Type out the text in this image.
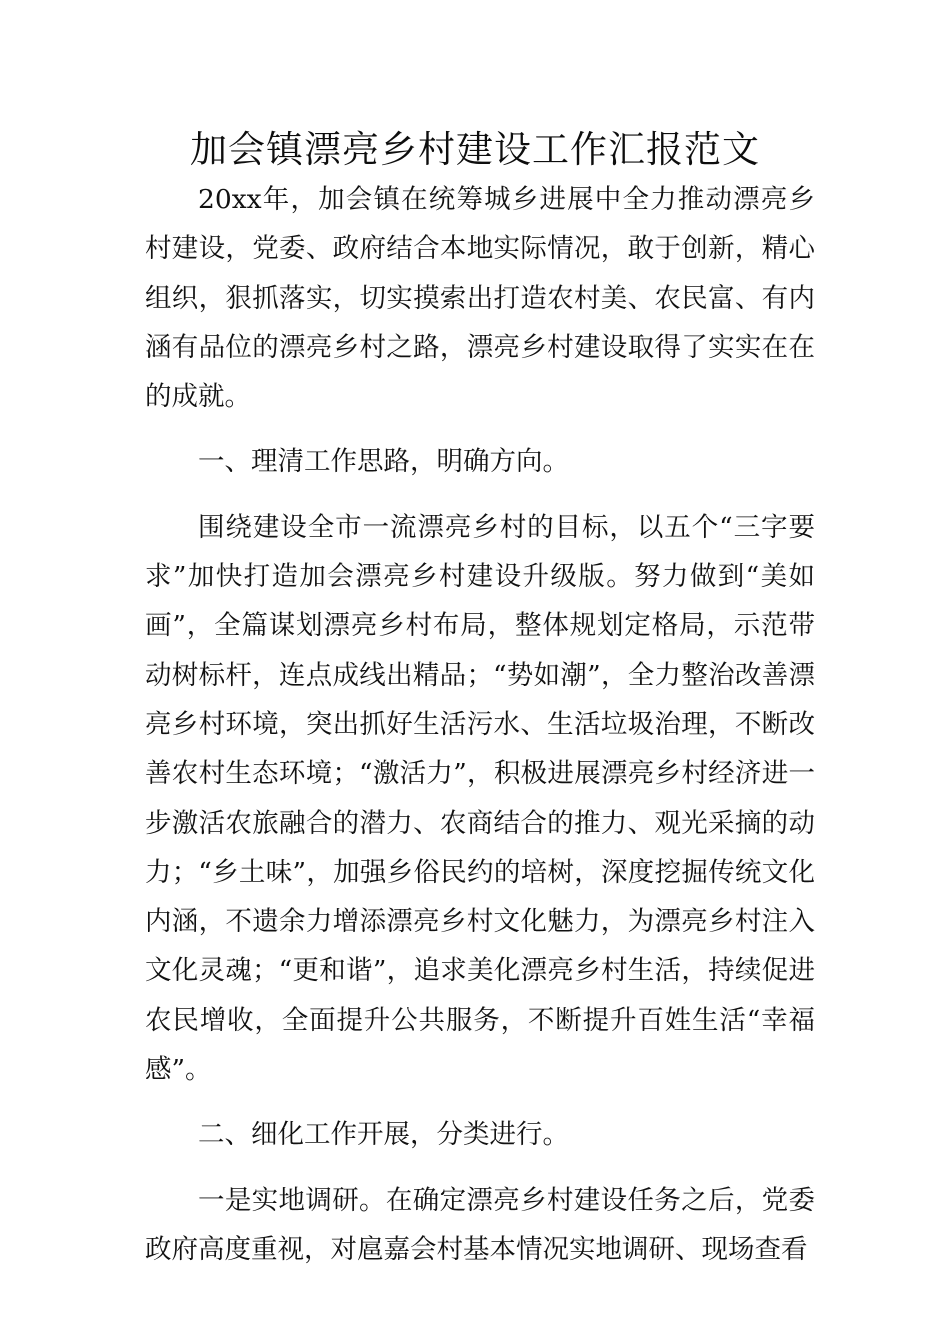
加会镇漂亮乡村建设工作汇报范文

20xx年，加会镇在统筹城乡进展中全力推动漂亮乡村建设，党委、政府结合本地实际情况，敢于创新，精心组织，狠抓落实，切实摸索出打造农村美、农民富、有内涵有品位的漂亮乡村之路，漂亮乡村建设取得了实实在在的成就。

一、理清工作思路，明确方向。

围绕建设全市一流漂亮乡村的目标，以五个“三字要求”加快打造加会漂亮乡村建设升级版。努力做到“美如画”，全篇谋划漂亮乡村布局，整体规划定格局，示范带动树标杆，连点成线出精品；“势如潮”，全力整治改善漂亮乡村环境，突出抓好生活污水、生活垃圾治理，不断改善农村生态环境；“激活力”，积极进展漂亮乡村经济进一步激活农旅融合的潜力、农商结合的推力、观光采摘的动力；“乡土味”，加强乡俗民约的培树，深度挖掘传统文化内涵，不遗余力增添漂亮乡村文化魅力，为漂亮乡村注入文化灵魂；“更和谐”，追求美化漂亮乡村生活，持续促进农民增收，全面提升公共服务，不断提升百姓生活“幸福感”。

二、细化工作开展，分类进行。

一是实地调研。在确定漂亮乡村建设任务之后，党委政府高度重视，对扈嘉会村基本情况实地调研、现场查看
